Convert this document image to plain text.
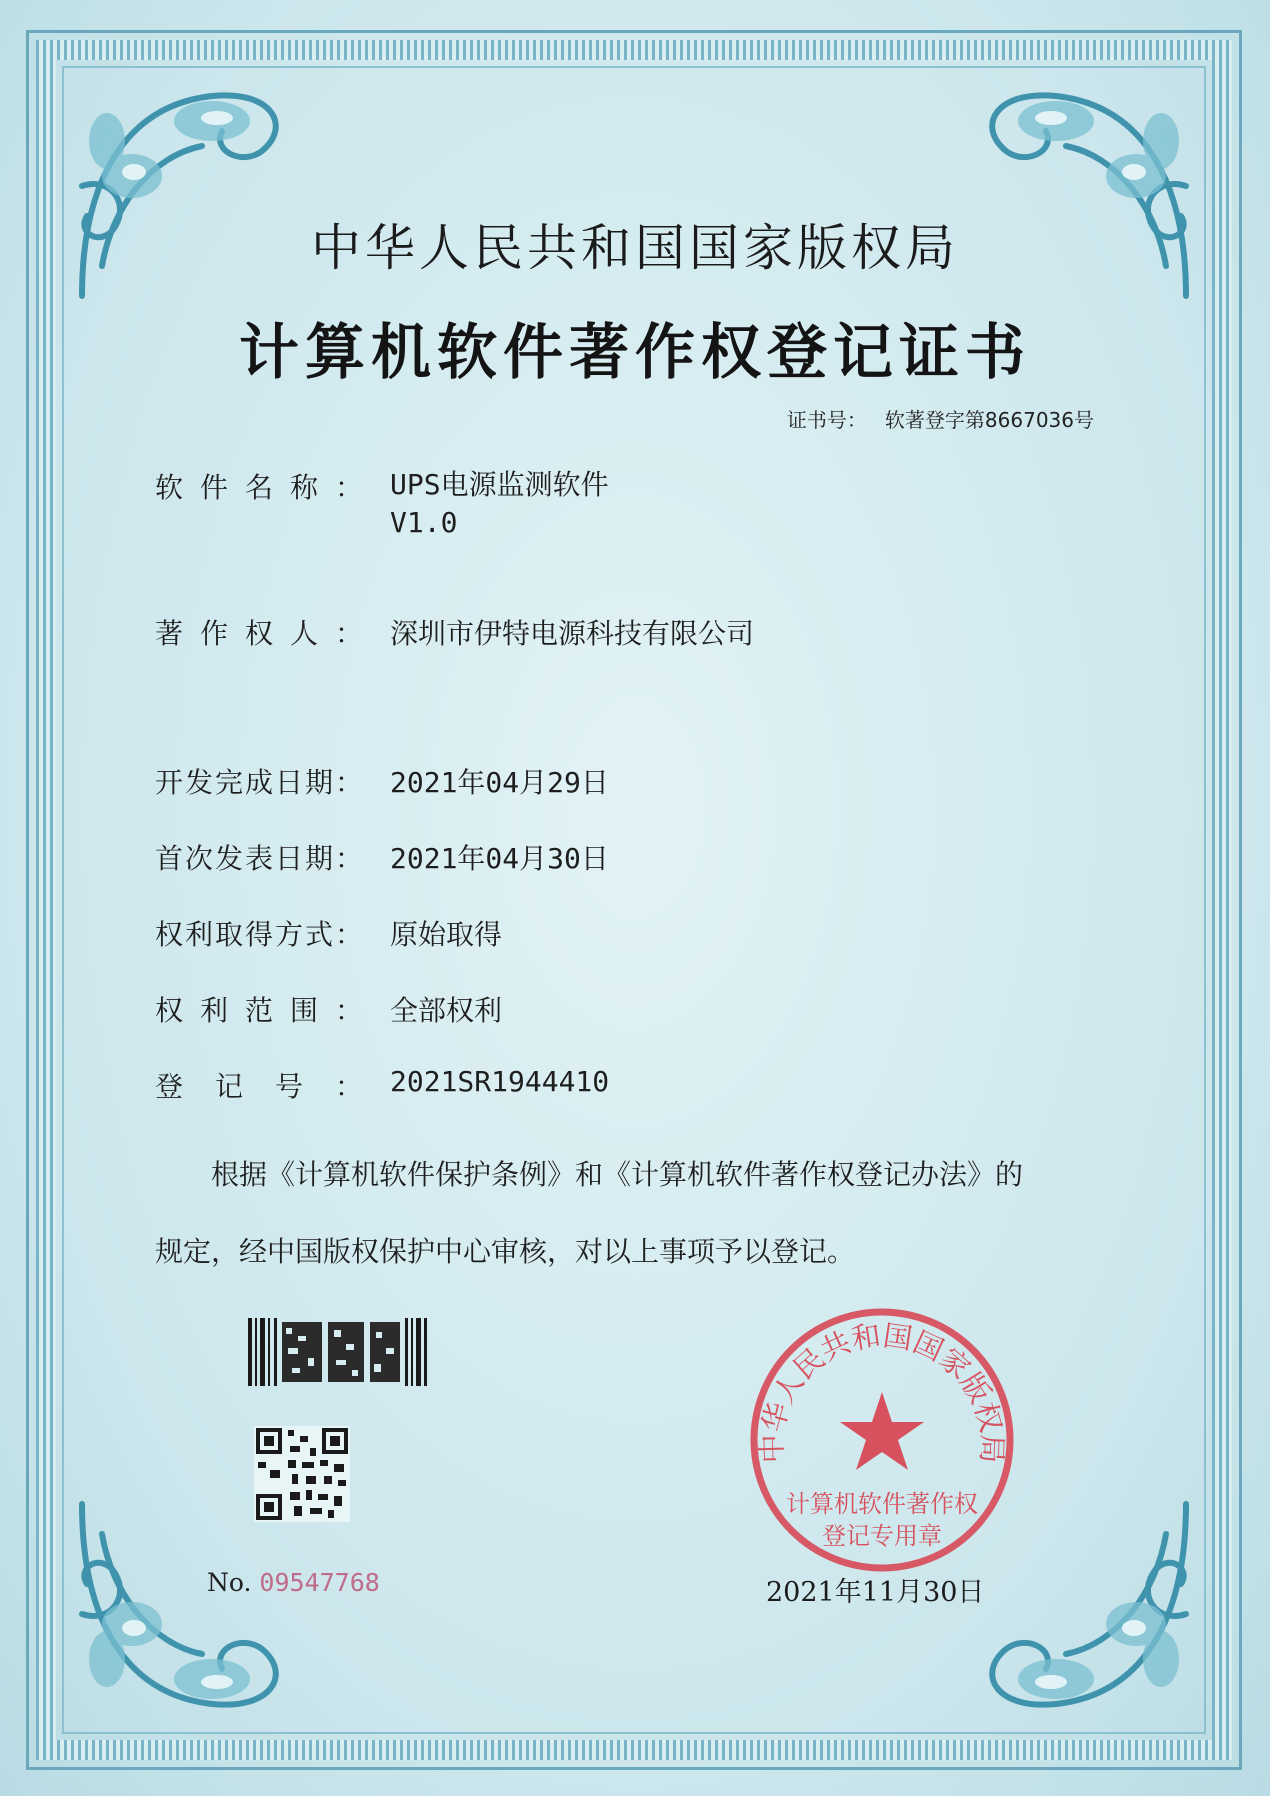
中华人民共和国国家版权局
计算机软件著作权登记证书
证书号： 软著登字第8667036号
软件名称： UPS电源监测软件
V1.0
著作权人： 深圳市伊特电源科技有限公司
开发完成日期： 2021年04月29日
首次发表日期： 2021年04月30日
权利取得方式： 原始取得
权利范围： 全部权利
登记号： 2021SR1944410
根据《计算机软件保护条例》和《计算机软件著作权登记办法》的
规定，经中国版权保护中心审核，对以上事项予以登记。
No. 09547768
中华人民共和国国家版权局
计算机软件著作权
登记专用章
2021年11月30日
